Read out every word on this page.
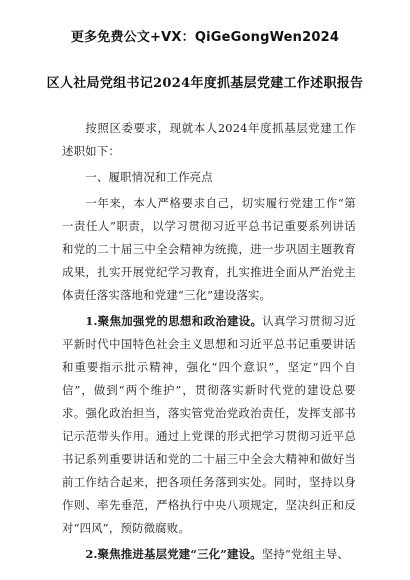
更多免费公文+VX：QiGeGongWen2024
区人社局党组书记2024年度抓基层党建工作述职报告

按照区委要求，现就本人2024年度抓基层党建工作述职如下：

一、履职情况和工作亮点

一年来，本人严格要求自己，切实履行党建工作“第一责任人”职责，以学习贯彻习近平总书记重要系列讲话和党的二十届三中全会精神为统揽，进一步巩固主题教育成果，扎实开展党纪学习教育，扎实推进全面从严治党主体责任落实落地和党建“三化”建设落实。

1.聚焦加强党的思想和政治建设。认真学习贯彻习近平新时代中国特色社会主义思想和习近平总书记重要讲话和重要指示批示精神，强化“四个意识”，坚定“四个自信”，做到“两个维护”，贯彻落实新时代党的建设总要求。强化政治担当，落实管党治党政治责任，发挥支部书记示范带头作用。通过上党课的形式把学习贯彻习近平总书记系列重要讲话和党的二十届三中全会大精神和做好当前工作结合起来，把各项任务落到实处。同时，坚持以身作则、率先垂范，严格执行中央八项规定，坚决纠正和反对“四风”，预防微腐败。

2.聚焦推进基层党建“三化”建设。坚持“党组主导、
